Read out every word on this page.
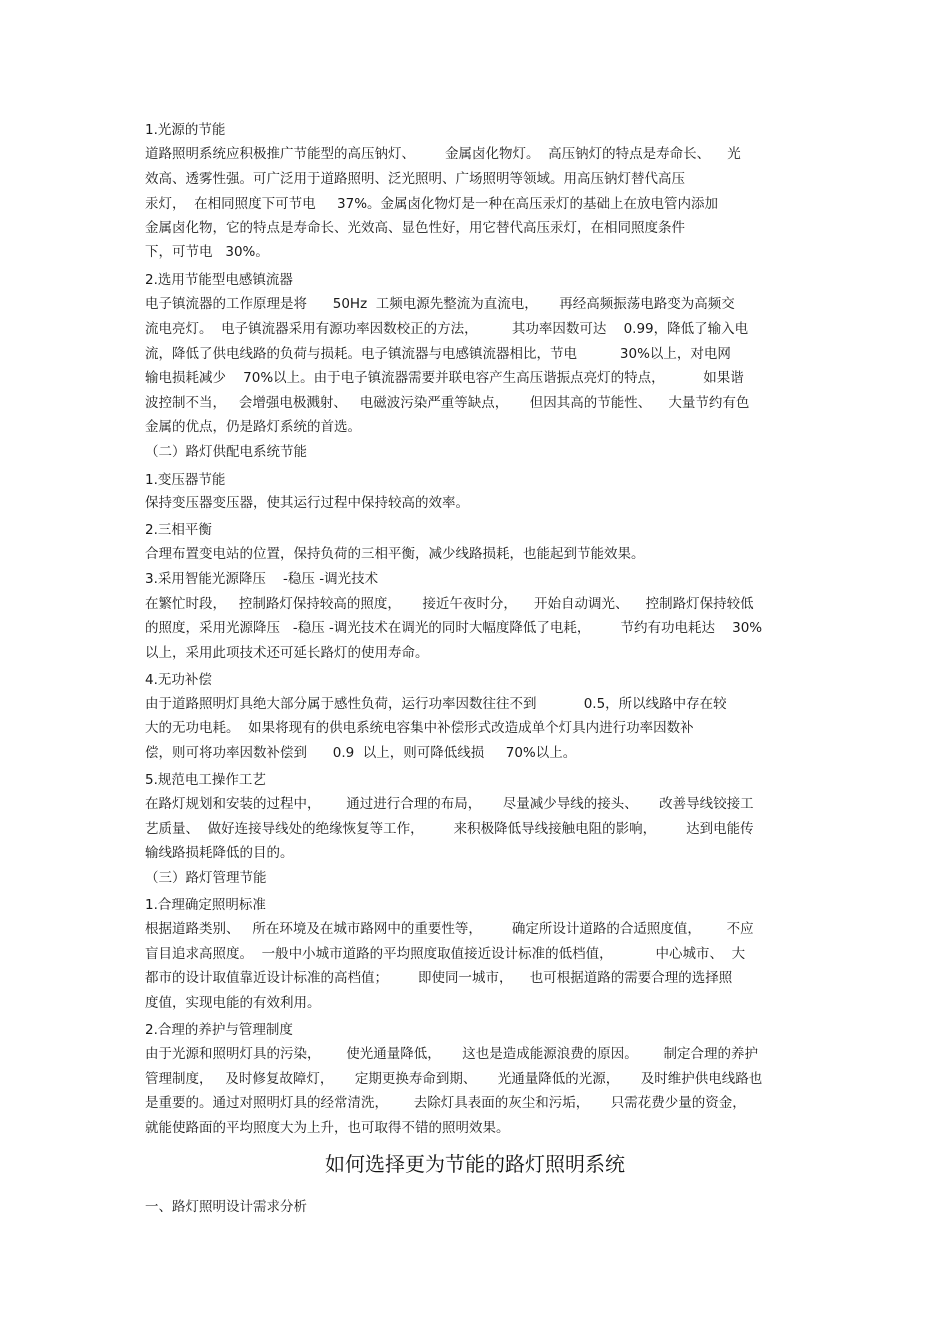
1.光源的节能
道路照明系统应积极推广节能型的高压钠灯、       金属卤化物灯。  高压钠灯的特点是寿命长、    光
效高、透雾性强。可广泛用于道路照明、泛光照明、广场照明等领域。用高压钠灯替代高压
汞灯，  在相同照度下可节电     37%。金属卤化物灯是一种在高压汞灯的基础上在放电管内添加
金属卤化物，它的特点是寿命长、光效高、显色性好，用它替代高压汞灯，在相同照度条件
下，可节电   30%。
2.选用节能型电感镇流器
电子镇流器的工作原理是将      50Hz  工频电源先整流为直流电，     再经高频振荡电路变为高频交
流电亮灯。  电子镇流器采用有源功率因数校正的方法，        其功率因数可达    0.99，降低了输入电
流，降低了供电线路的负荷与损耗。电子镇流器与电感镇流器相比，节电          30%以上，对电网
输电损耗减少    70%以上。由于电子镇流器需要并联电容产生高压谐振点亮灯的特点，         如果谐
波控制不当，   会增强电极溅射、   电磁波污染严重等缺点，     但因其高的节能性、    大量节约有色
金属的优点，仍是路灯系统的首选。
（二）路灯供配电系统节能
1.变压器节能
保持变压器变压器，使其运行过程中保持较高的效率。
2.三相平衡
合理布置变电站的位置，保持负荷的三相平衡，减少线路损耗，也能起到节能效果。
3.采用智能光源降压    -稳压 -调光技术
在繁忙时段，   控制路灯保持较高的照度，     接近午夜时分，    开始自动调光、    控制路灯保持较低
的照度，采用光源降压   -稳压 -调光技术在调光的同时大幅度降低了电耗，       节约有功电耗达    30%
以上，采用此项技术还可延长路灯的使用寿命。
4.无功补偿
由于道路照明灯具绝大部分属于感性负荷，运行功率因数往往不到           0.5，所以线路中存在较
大的无功电耗。  如果将现有的供电系统电容集中补偿形式改造成单个灯具内进行功率因数补
偿，则可将功率因数补偿到      0.9  以上，则可降低线损     70%以上。
5.规范电工操作工艺
在路灯规划和安装的过程中，      通过进行合理的布局，     尽量减少导线的接头、     改善导线铰接工
艺质量、  做好连接导线处的绝缘恢复等工作，       来积极降低导线接触电阻的影响，       达到电能传
输线路损耗降低的目的。
（三）路灯管理节能
1.合理确定照明标准
根据道路类别、   所在环境及在城市路网中的重要性等，       确定所设计道路的合适照度值，      不应
盲目追求高照度。  一般中小城市道路的平均照度取值接近设计标准的低档值，          中心城市、  大
都市的设计取值靠近设计标准的高档值；       即使同一城市，    也可根据道路的需要合理的选择照
度值，实现电能的有效利用。
2.合理的养护与管理制度
由于光源和照明灯具的污染，      使光通量降低，     这也是造成能源浪费的原因。      制定合理的养护
管理制度，   及时修复故障灯，     定期更换寿命到期、     光通量降低的光源，     及时维护供电线路也
是重要的。通过对照明灯具的经常清洗，      去除灯具表面的灰尘和污垢，     只需花费少量的资金，
就能使路面的平均照度大为上升，也可取得不错的照明效果。
如何选择更为节能的路灯照明系统
一、路灯照明设计需求分析
